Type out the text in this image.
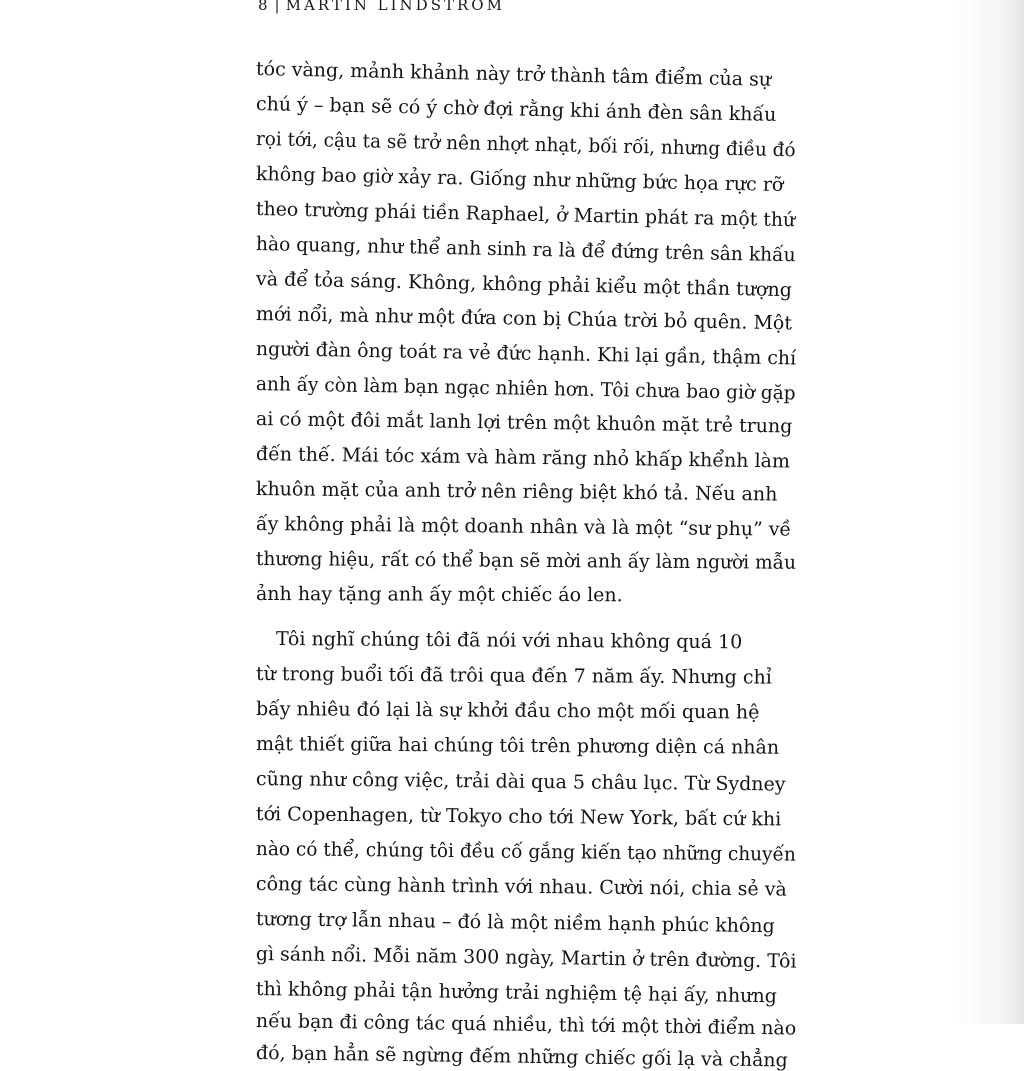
8 | MARTIN LINDSTROM
tóc vàng, mảnh khảnh này trở thành tâm điểm của sự
chú ý – bạn sẽ có ý chờ đợi rằng khi ánh đèn sân khấu
rọi tới, cậu ta sẽ trở nên nhợt nhạt, bối rối, nhưng điều đó
không bao giờ xảy ra. Giống như những bức họa rực rỡ
theo trường phái tiền Raphael, ở Martin phát ra một thứ
hào quang, như thể anh sinh ra là để đứng trên sân khấu
và để tỏa sáng. Không, không phải kiểu một thần tượng
mới nổi, mà như một đứa con bị Chúa trời bỏ quên. Một
người đàn ông toát ra vẻ đức hạnh. Khi lại gần, thậm chí
anh ấy còn làm bạn ngạc nhiên hơn. Tôi chưa bao giờ gặp
ai có một đôi mắt lanh lợi trên một khuôn mặt trẻ trung
đến thế. Mái tóc xám và hàm răng nhỏ khấp khểnh làm
khuôn mặt của anh trở nên riêng biệt khó tả. Nếu anh
ấy không phải là một doanh nhân và là một “sư phụ” về
thương hiệu, rất có thể bạn sẽ mời anh ấy làm người mẫu
ảnh hay tặng anh ấy một chiếc áo len.
Tôi nghĩ chúng tôi đã nói với nhau không quá 10
từ trong buổi tối đã trôi qua đến 7 năm ấy. Nhưng chỉ
bấy nhiêu đó lại là sự khởi đầu cho một mối quan hệ
mật thiết giữa hai chúng tôi trên phương diện cá nhân
cũng như công việc, trải dài qua 5 châu lục. Từ Sydney
tới Copenhagen, từ Tokyo cho tới New York, bất cứ khi
nào có thể, chúng tôi đều cố gắng kiến tạo những chuyến
công tác cùng hành trình với nhau. Cười nói, chia sẻ và
tương trợ lẫn nhau – đó là một niềm hạnh phúc không
gì sánh nổi. Mỗi năm 300 ngày, Martin ở trên đường. Tôi
thì không phải tận hưởng trải nghiệm tệ hại ấy, nhưng
nếu bạn đi công tác quá nhiều, thì tới một thời điểm nào
đó, bạn hẳn sẽ ngừng đếm những chiếc gối lạ và chẳng
